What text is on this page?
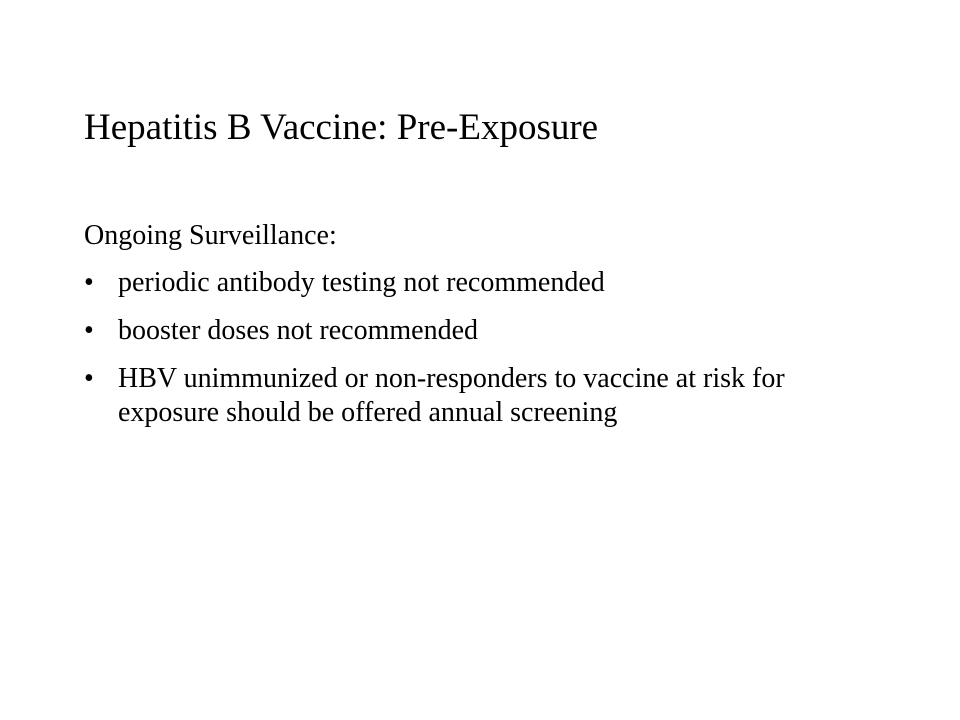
Hepatitis B Vaccine: Pre-Exposure

Ongoing Surveillance:

• periodic antibody testing not recommended
• booster doses not recommended
• HBV unimmunized or non-responders to vaccine at risk for exposure should be offered annual screening
